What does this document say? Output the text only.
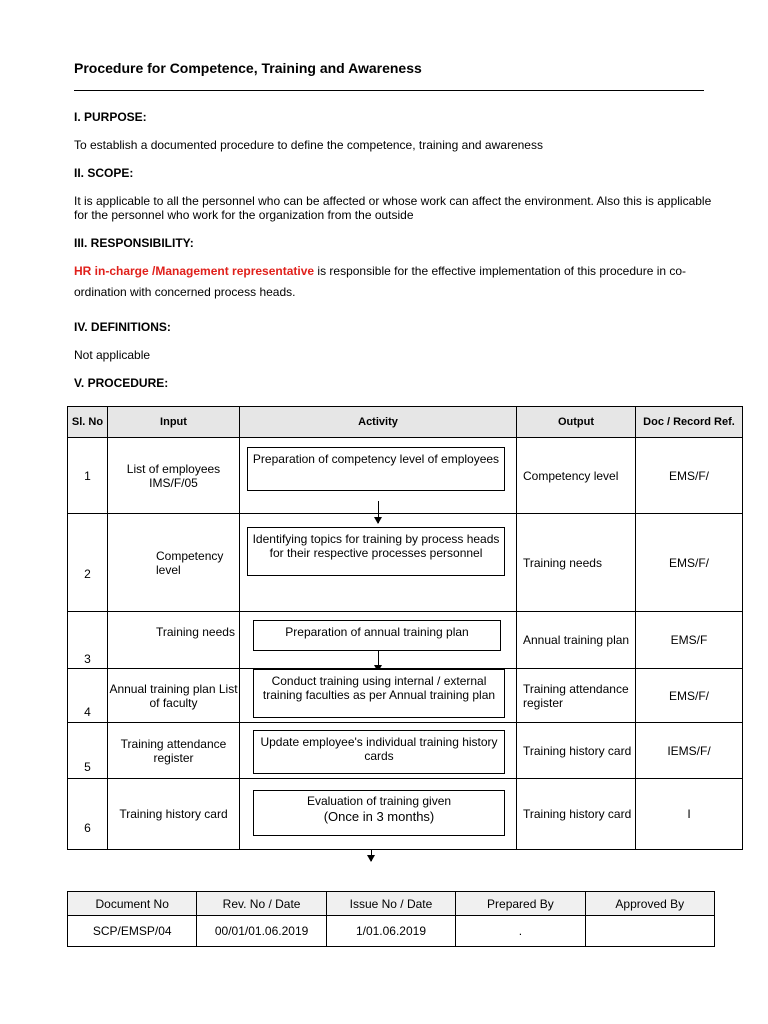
Procedure for Competence, Training and Awareness
I. PURPOSE:
To establish a documented procedure to define the competence, training and awareness
II. SCOPE:
It is applicable to all the personnel who can be affected or whose work can affect the environment. Also this is applicable for the personnel who work for the organization from the outside
III. RESPONSIBILITY:
HR in-charge /Management representative is responsible for the effective implementation of this procedure in co-ordination with concerned process heads.
IV. DEFINITIONS:
Not applicable
V. PROCEDURE:
Sl. No	Input	Activity	Output	Doc / Record Ref.
1	List of employees IMS/F/05	Preparation of competency level of employees	Competency level	EMS/F/
2	Competency level	Identifying topics for training by process heads for their respective processes personnel	Training needs	EMS/F/
3	Training needs	Preparation of annual training plan	Annual training plan	EMS/F
4	Annual training plan List of faculty	Conduct training using internal / external training faculties as per Annual training plan	Training attendance register	EMS/F/
5	Training attendance register	Update employee's individual training history cards	Training history card	IEMS/F/
6	Training history card	Evaluation of training given
(Once in 3 months)	Training history card	I
Document No	Rev. No / Date	Issue No / Date	Prepared By	Approved By
SCP/EMSP/04	00/01/01.06.2019	1/01.06.2019	.	
